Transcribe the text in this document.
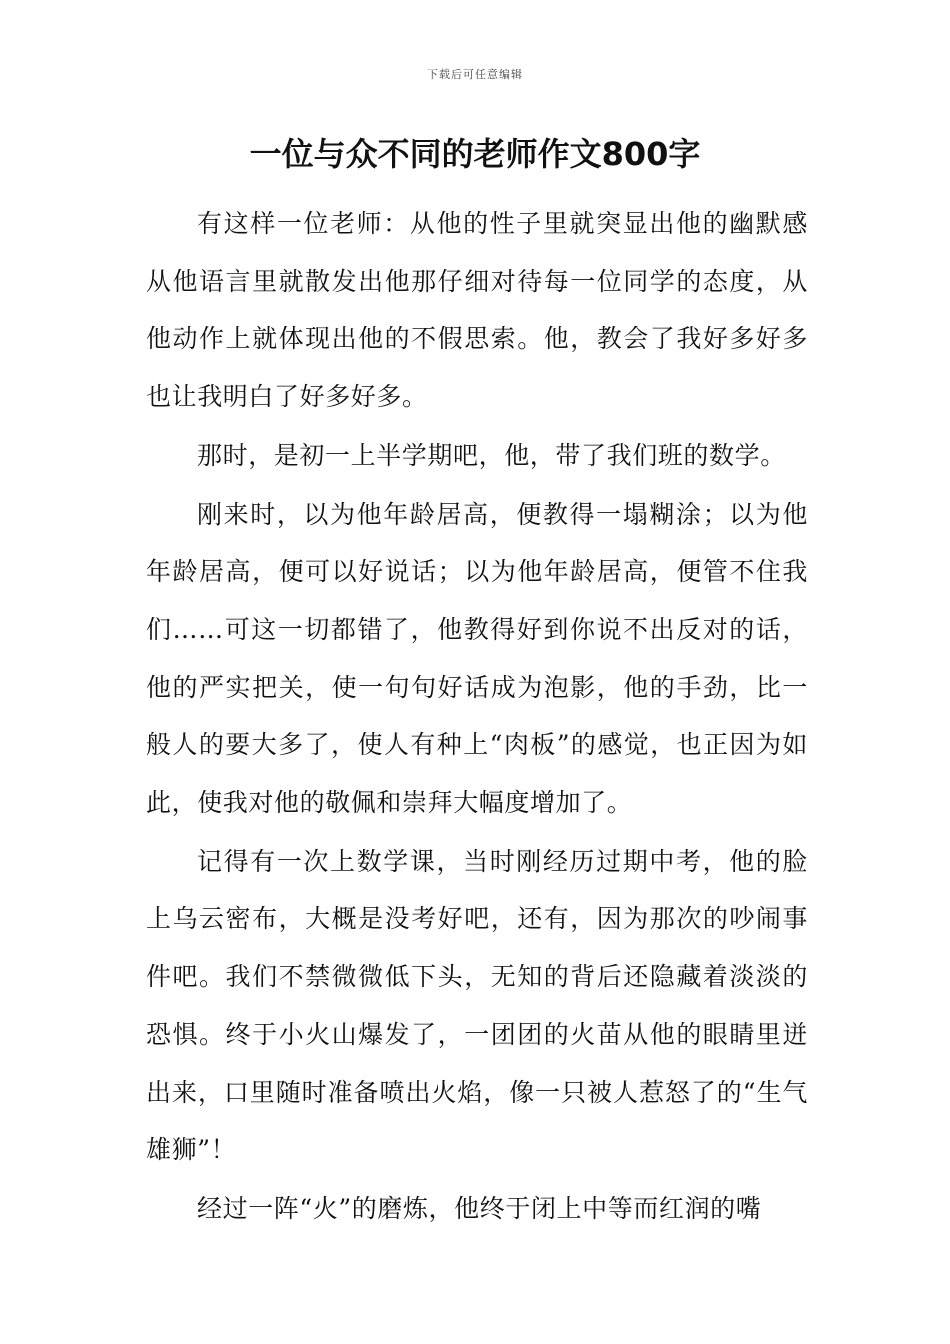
下载后可任意编辑
一位与众不同的老师作文800字

有这样一位老师：从他的性子里就突显出他的幽默感从他语言里就散发出他那仔细对待每一位同学的态度，从他动作上就体现出他的不假思索。他，教会了我好多好多也让我明白了好多好多。

那时，是初一上半学期吧，他，带了我们班的数学。

刚来时，以为他年龄居高，便教得一塌糊涂；以为他年龄居高，便可以好说话；以为他年龄居高，便管不住我们……可这一切都错了，他教得好到你说不出反对的话，他的严实把关，使一句句好话成为泡影，他的手劲，比一般人的要大多了，使人有种上“肉板”的感觉，也正因为如此，使我对他的敬佩和崇拜大幅度增加了。

记得有一次上数学课，当时刚经历过期中考，他的脸上乌云密布，大概是没考好吧，还有，因为那次的吵闹事件吧。我们不禁微微低下头，无知的背后还隐藏着淡淡的恐惧。终于小火山爆发了，一团团的火苗从他的眼睛里迸出来，口里随时准备喷出火焰，像一只被人惹怒了的“生气雄狮”！

经过一阵“火”的磨炼，他终于闭上中等而红润的嘴
